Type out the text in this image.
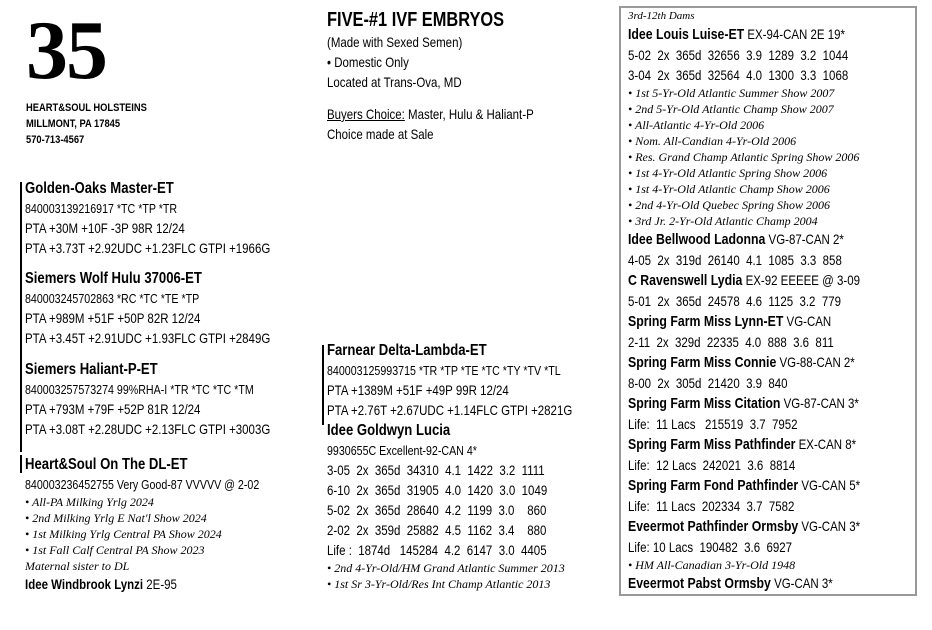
35
HEART&SOUL HOLSTEINS
MILLMONT, PA 17845
570-713-4567
FIVE-#1 IVF EMBRYOS
(Made with Sexed Semen)
• Domestic Only
Located at Trans-Ova, MD
Buyers Choice: Master, Hulu & Haliant-P
Choice made at Sale
Golden-Oaks Master-ET
840003139216917 *TC *TP *TR
PTA +30M +10F -3P 98R 12/24
PTA +3.73T +2.92UDC +1.23FLC GTPI +1966G
Siemers Wolf Hulu 37006-ET
840003245702863 *RC *TC *TE *TP
PTA +989M +51F +50P 82R 12/24
PTA +3.45T +2.91UDC +1.93FLC GTPI +2849G
Siemers Haliant-P-ET
840003257573274 99%RHA-I *TR *TC *TC *TM
PTA +793M +79F +52P 81R 12/24
PTA +3.08T +2.28UDC +2.13FLC GTPI +3003G
Heart&Soul On The DL-ET
840003236452755 Very Good-87 VVVVV @ 2-02
• All-PA Milking Yrlg 2024
• 2nd Milking Yrlg E Nat'l Show 2024
• 1st Milking Yrlg Central PA Show 2024
• 1st Fall Calf Central PA Show 2023
Maternal sister to DL
Idee Windbrook Lynzi 2E-95
Farnear Delta-Lambda-ET
840003125993715 *TR *TP *TE *TC *TY *TV *TL
PTA +1389M +51F +49P 99R 12/24
PTA +2.76T +2.67UDC +1.14FLC GTPI +2821G
Idee Goldwyn Lucia
9930655C Excellent-92-CAN 4*
3-05  2x  365d  34310  4.1  1422  3.2  1111
6-10  2x  365d  31905  4.0  1420  3.0  1049
5-02  2x  365d  28640  4.2  1199  3.0    860
2-02  2x  359d  25882  4.5  1162  3.4    880
Life :  1874d   145284  4.2  6147  3.0  4405
• 2nd 4-Yr-Old/HM Grand Atlantic Summer 2013
• 1st Sr 3-Yr-Old/Res Int Champ Atlantic 2013
3rd-12th Dams
Idee Louis Luise-ET EX-94-CAN 2E 19*
5-02  2x  365d  32656  3.9  1289  3.2  1044
3-04  2x  365d  32564  4.0  1300  3.3  1068
• 1st 5-Yr-Old Atlantic Summer Show 2007
• 2nd 5-Yr-Old Atlantic Champ Show 2007
• All-Atlantic 4-Yr-Old 2006
• Nom. All-Candian 4-Yr-Old 2006
• Res. Grand Champ Atlantic Spring Show 2006
• 1st 4-Yr-Old Atlantic Spring Show 2006
• 1st 4-Yr-Old Atlantic Champ Show 2006
• 2nd 4-Yr-Old Quebec Spring Show 2006
• 3rd Jr. 2-Yr-Old Atlantic Champ 2004
Idee Bellwood Ladonna VG-87-CAN 2*
4-05  2x  319d  26140  4.1  1085  3.3  858
C Ravenswell Lydia EX-92 EEEEE @ 3-09
5-01  2x  365d  24578  4.6  1125  3.2  779
Spring Farm Miss Lynn-ET VG-CAN
2-11  2x  329d  22335  4.0  888  3.6  811
Spring Farm Miss Connie VG-88-CAN 2*
8-00  2x  305d  21420  3.9  840
Spring Farm Miss Citation VG-87-CAN 3*
Life:  11 Lacs   215519  3.7  7952
Spring Farm Miss Pathfinder EX-CAN 8*
Life:  12 Lacs  242021  3.6  8814
Spring Farm Fond Pathfinder VG-CAN 5*
Life:  11 Lacs  202334  3.7  7582
Eveermot Pathfinder Ormsby VG-CAN 3*
Life: 10 Lacs  190482  3.6  6927
• HM All-Canadian 3-Yr-Old 1948
Eveermot Pabst Ormsby VG-CAN 3*
